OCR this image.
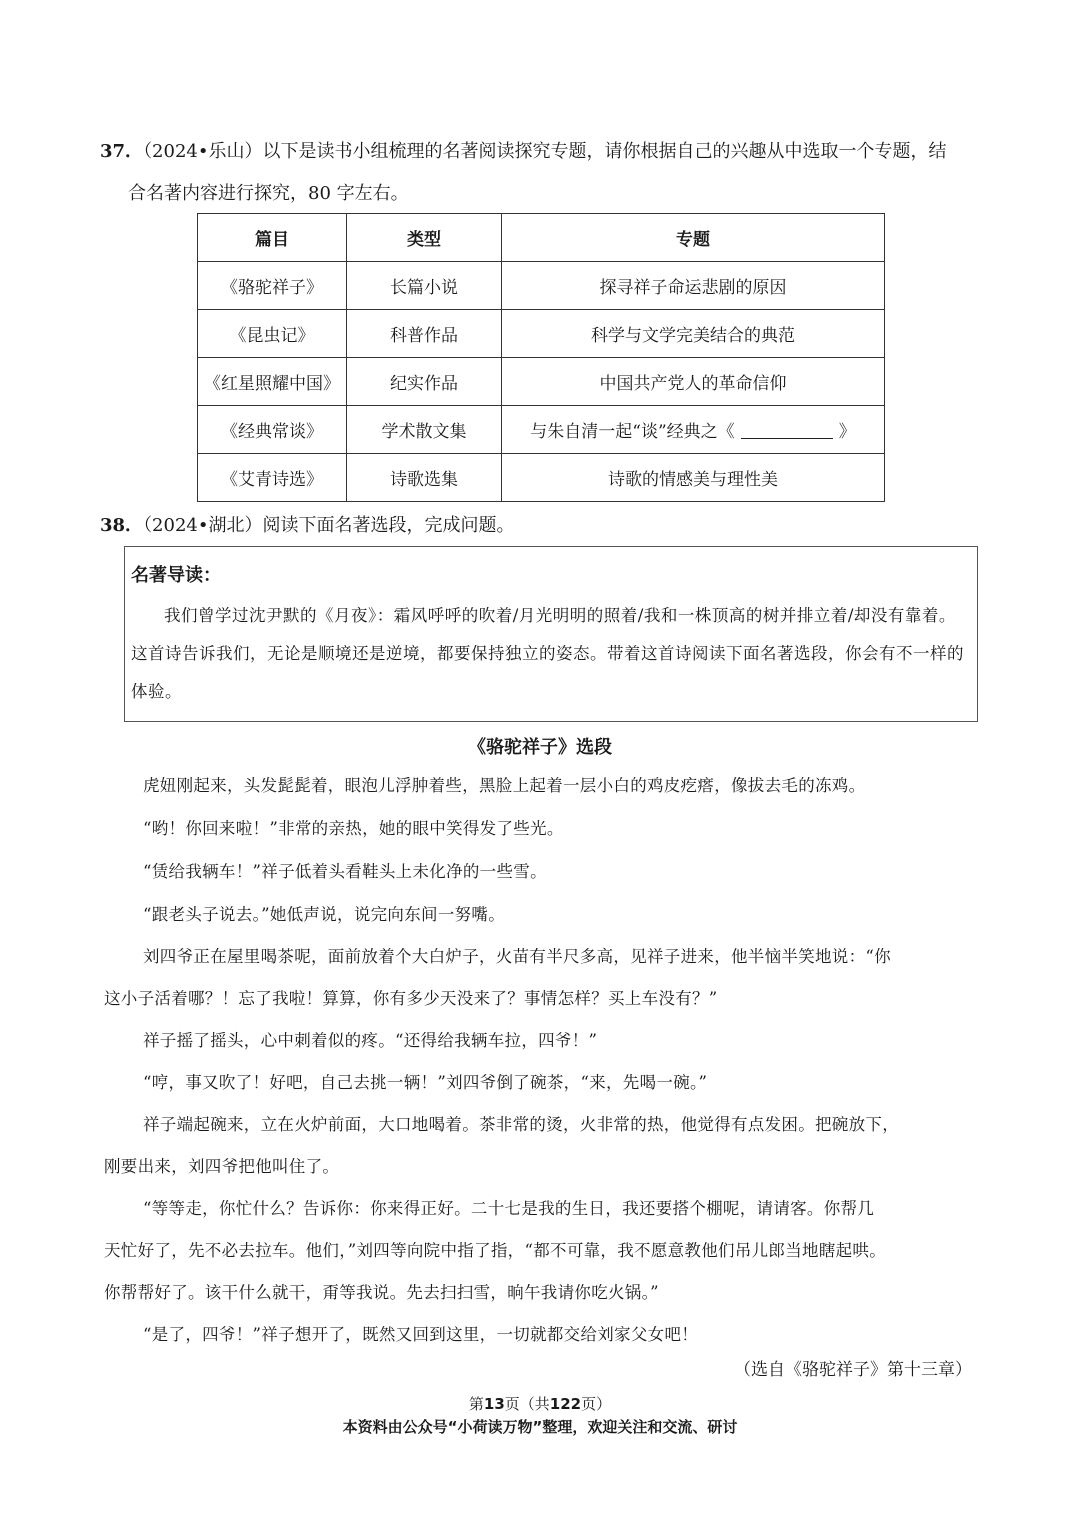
37．（2024•乐山）以下是读书小组梳理的名著阅读探究专题，请你根据自己的兴趣从中选取一个专题，结
合名著内容进行探究，80 字左右。
篇目	类型	专题
《骆驼祥子》	长篇小说	探寻祥子命运悲剧的原因
《昆虫记》	科普作品	科学与文学完美结合的典范
《红星照耀中国》	纪实作品	中国共产党人的革命信仰
《经典常谈》	学术散文集	与朱自清一起“谈”经典之《 》
《艾青诗选》	诗歌选集	诗歌的情感美与理性美
38．（2024•湖北）阅读下面名著选段，完成问题。
名著导读：
我们曾学过沈尹默的《月夜》：霜风呼呼的吹着/月光明明的照着/我和一株顶高的树并排立着/却没有靠着。这首诗告诉我们，无论是顺境还是逆境，都要保持独立的姿态。带着这首诗阅读下面名著选段，你会有不一样的体验。
《骆驼祥子》选段
虎妞刚起来，头发髭髭着，眼泡儿浮肿着些，黑脸上起着一层小白的鸡皮疙瘩，像拔去毛的冻鸡。
“哟！你回来啦！”非常的亲热，她的眼中笑得发了些光。
“赁给我辆车！”祥子低着头看鞋头上未化净的一些雪。
“跟老头子说去。”她低声说，说完向东间一努嘴。
刘四爷正在屋里喝茶呢，面前放着个大白炉子，火苗有半尺多高，见祥子进来，他半恼半笑地说：“你
这小子活着哪？！忘了我啦！算算，你有多少天没来了？事情怎样？买上车没有？”
祥子摇了摇头，心中刺着似的疼。“还得给我辆车拉，四爷！”
“哼，事又吹了！好吧，自己去挑一辆！”刘四爷倒了碗茶，“来，先喝一碗。”
祥子端起碗来，立在火炉前面，大口地喝着。茶非常的烫，火非常的热，他觉得有点发困。把碗放下，
刚要出来，刘四爷把他叫住了。
“等等走，你忙什么？告诉你：你来得正好。二十七是我的生日，我还要搭个棚呢，请请客。你帮几
天忙好了，先不必去拉车。他们，”刘四等向院中指了指，“都不可靠，我不愿意教他们吊儿郎当地瞎起哄。
你帮帮好了。该干什么就干，甭等我说。先去扫扫雪，晌午我请你吃火锅。”
“是了，四爷！”祥子想开了，既然又回到这里，一切就都交给刘家父女吧！
（选自《骆驼祥子》第十三章）
第13页（共122页）
本资料由公众号“小荷读万物”整理，欢迎关注和交流、研讨
